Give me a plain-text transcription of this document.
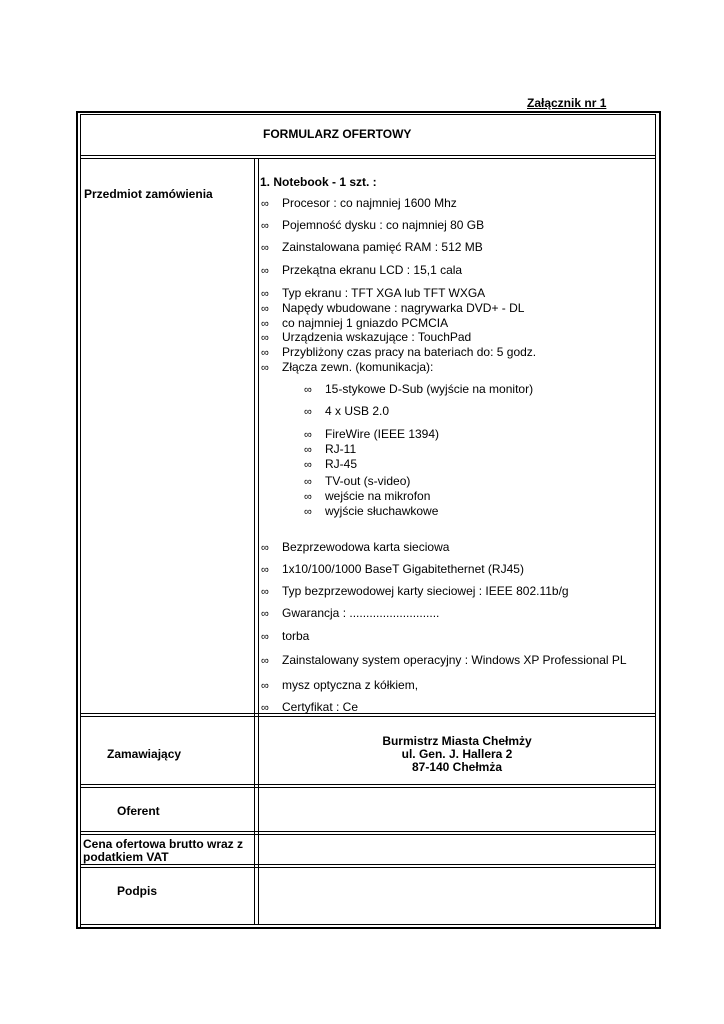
Załącznik nr 1
FORMULARZ OFERTOWY
Przedmiot zamówienia
1. Notebook - 1 szt. :
∞ Procesor : co najmniej 1600 Mhz
∞ Pojemność dysku : co najmniej 80 GB
∞ Zainstalowana pamięć RAM : 512 MB
∞ Przekątna ekranu LCD : 15,1 cala
∞ Typ ekranu : TFT XGA lub TFT WXGA
∞ Napędy wbudowane : nagrywarka DVD+ - DL
∞ co najmniej 1 gniazdo PCMCIA
∞ Urządzenia wskazujące : TouchPad
∞ Przybliżony czas pracy na bateriach do: 5 godz.
∞ Złącza zewn. (komunikacja):
∞ 15-stykowe D-Sub (wyjście na monitor)
∞ 4 x USB 2.0
∞ FireWire (IEEE 1394)
∞ RJ-11
∞ RJ-45
∞ TV-out (s-video)
∞ wejście na mikrofon
∞ wyjście słuchawkowe
∞ Bezprzewodowa karta sieciowa
∞ 1x10/100/1000 BaseT Gigabitethernet (RJ45)
∞ Typ bezprzewodowej karty sieciowej : IEEE 802.11b/g
∞ Gwarancja : ...........................
∞ torba
∞ Zainstalowany system operacyjny : Windows XP Professional PL
∞ mysz optyczna z kółkiem,
∞ Certyfikat : Ce
Zamawiający
Burmistrz Miasta Chełmży
ul. Gen. J. Hallera 2
87-140 Chełmża
Oferent
Cena ofertowa brutto wraz z
podatkiem VAT
Podpis
